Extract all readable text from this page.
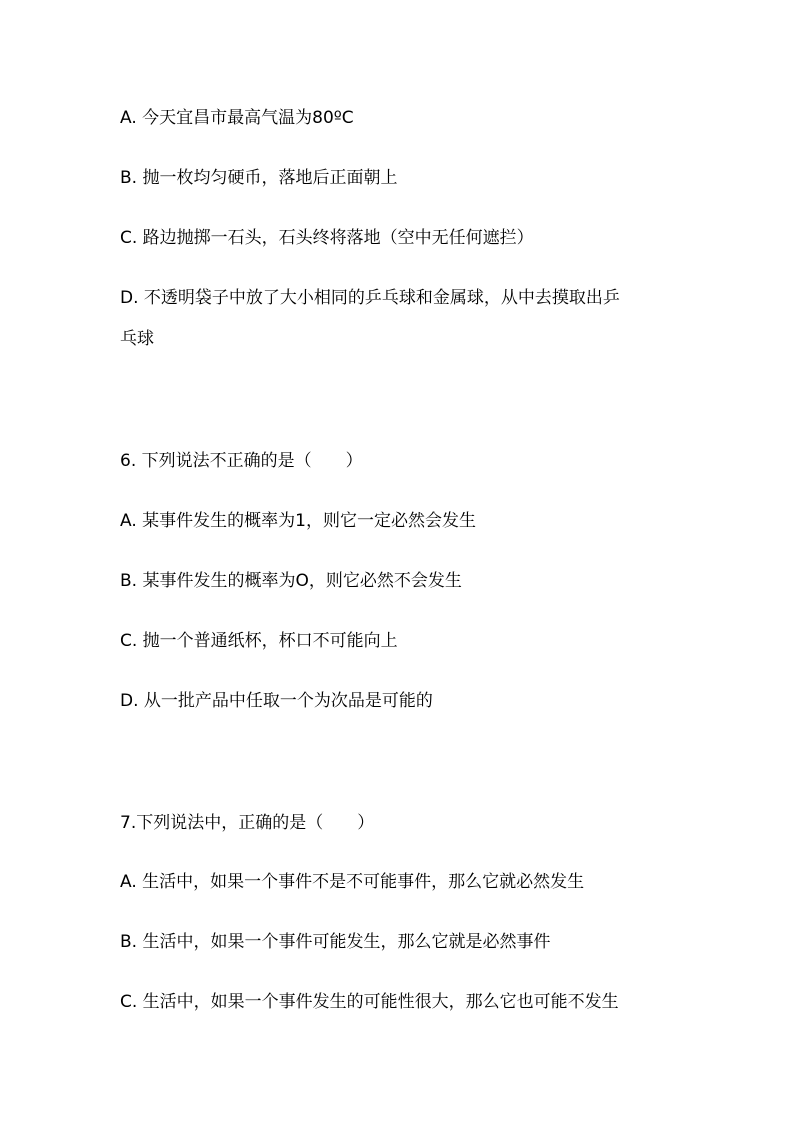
A. 今天宜昌市最高气温为80ºC
B. 抛一枚均匀硬币，落地后正面朝上
C. 路边抛掷一石头，石头终将落地（空中无任何遮拦）
D. 不透明袋子中放了大小相同的乒乓球和金属球，从中去摸取出乒
乓球
6. 下列说法不正确的是（　　）
A. 某事件发生的概率为1，则它一定必然会发生
B. 某事件发生的概率为O，则它必然不会发生
C. 抛一个普通纸杯，杯口不可能向上
D. 从一批产品中任取一个为次品是可能的
7.下列说法中，正确的是（　　）
A. 生活中，如果一个事件不是不可能事件，那么它就必然发生
B. 生活中，如果一个事件可能发生，那么它就是必然事件
C. 生活中，如果一个事件发生的可能性很大，那么它也可能不发生
